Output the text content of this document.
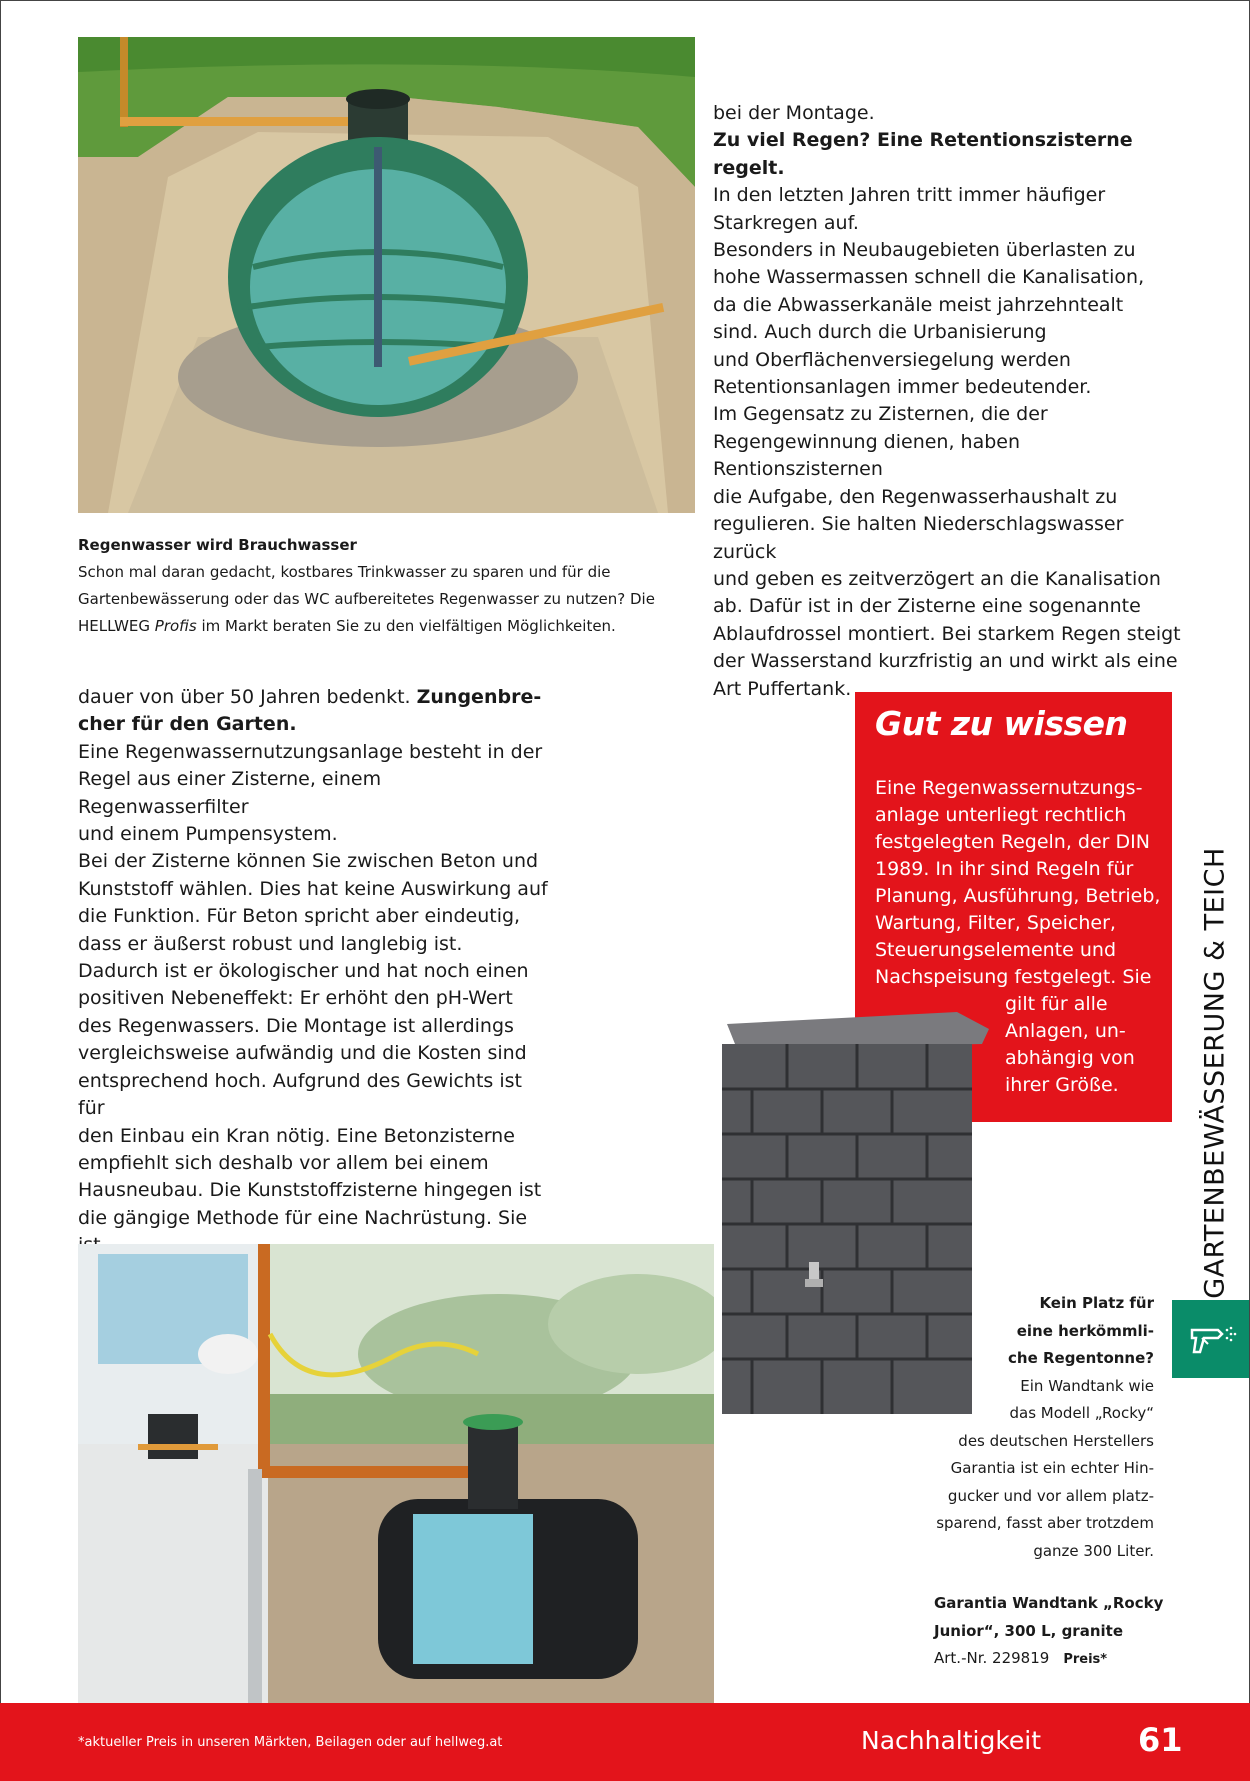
Regenwasser wird Brauchwasser
Schon mal daran gedacht, kostbares Trinkwasser zu sparen und für die
Gartenbewässerung oder das WC aufbereitetes Regenwasser zu nutzen? Die
HELLWEG Profis im Markt beraten Sie zu den vielfältigen Möglichkeiten.

bei der Montage.

Zu viel Regen? Eine Retentionszisterne regelt.

In den letzten Jahren tritt immer häufiger

Starkregen auf.

Besonders in Neubaugebieten überlasten zu

hohe Wassermassen schnell die Kanalisation,

da die Abwasserkanäle meist jahrzehntealt

sind. Auch durch die Urbanisierung

und Oberflächenversiegelung werden

Retentionsanlagen immer bedeutender.

Im Gegensatz zu Zisternen, die der

Regengewinnung dienen, haben Rentionszisternen

die Aufgabe, den Regenwasserhaushalt zu

regulieren. Sie halten Niederschlagswasser zurück

und geben es zeitverzögert an die Kanalisation

ab. Dafür ist in der Zisterne eine sogenannte

Ablaufdrossel montiert. Bei starkem Regen steigt

der Wasserstand kurzfristig an und wirkt als eine

Art Puffertank.

dauer von über 50 Jahren bedenkt. Zungenbre-

cher für den Garten.

Eine Regenwassernutzungsanlage besteht in der

Regel aus einer Zisterne, einem Regenwasserfilter

und einem Pumpensystem.

Bei der Zisterne können Sie zwischen Beton und

Kunststoff wählen. Dies hat keine Auswirkung auf

die Funktion. Für Beton spricht aber eindeutig,

dass er äußerst robust und langlebig ist.

Dadurch ist er ökologischer und hat noch einen

positiven Nebeneffekt: Er erhöht den pH-Wert

des Regenwassers. Die Montage ist allerdings

vergleichsweise aufwändig und die Kosten sind

entsprechend hoch. Aufgrund des Gewichts ist für

den Einbau ein Kran nötig. Eine Betonzisterne

empfiehlt sich deshalb vor allem bei einem

Hausneubau. Die Kunststoffzisterne hingegen ist

die gängige Methode für eine Nachrüstung. Sie

Gut zu wissen
Eine Regenwassernutzungs-
anlage unterliegt rechtlich
festgelegten Regeln, der DIN
1989. In ihr sind Regeln für
Planung, Ausführung, Betrieb,
Wartung, Filter, Speicher,
Steuerungselemente und
Nachspeisung festgelegt. Sie
gilt für alle
Anlagen, un-
abhängig von
ihrer Größe.
Kein Platz für
eine herkömmli-
che Regentonne?
Ein Wandtank wie
das Modell „Rocky“
des deutschen Herstellers
Garantia ist ein echter Hin-
gucker und vor allem platz-
sparend, fasst aber trotzdem
ganze 300 Liter.
Garantia Wandtank „Rocky
Junior“, 300 L, granite
Art.-Nr. 229819 Preis*
GARTENBEWÄSSERUNG & TEICH
*aktueller Preis in unseren Märkten, Beilagen oder auf hellweg.at	Nachhaltigkeit	61
